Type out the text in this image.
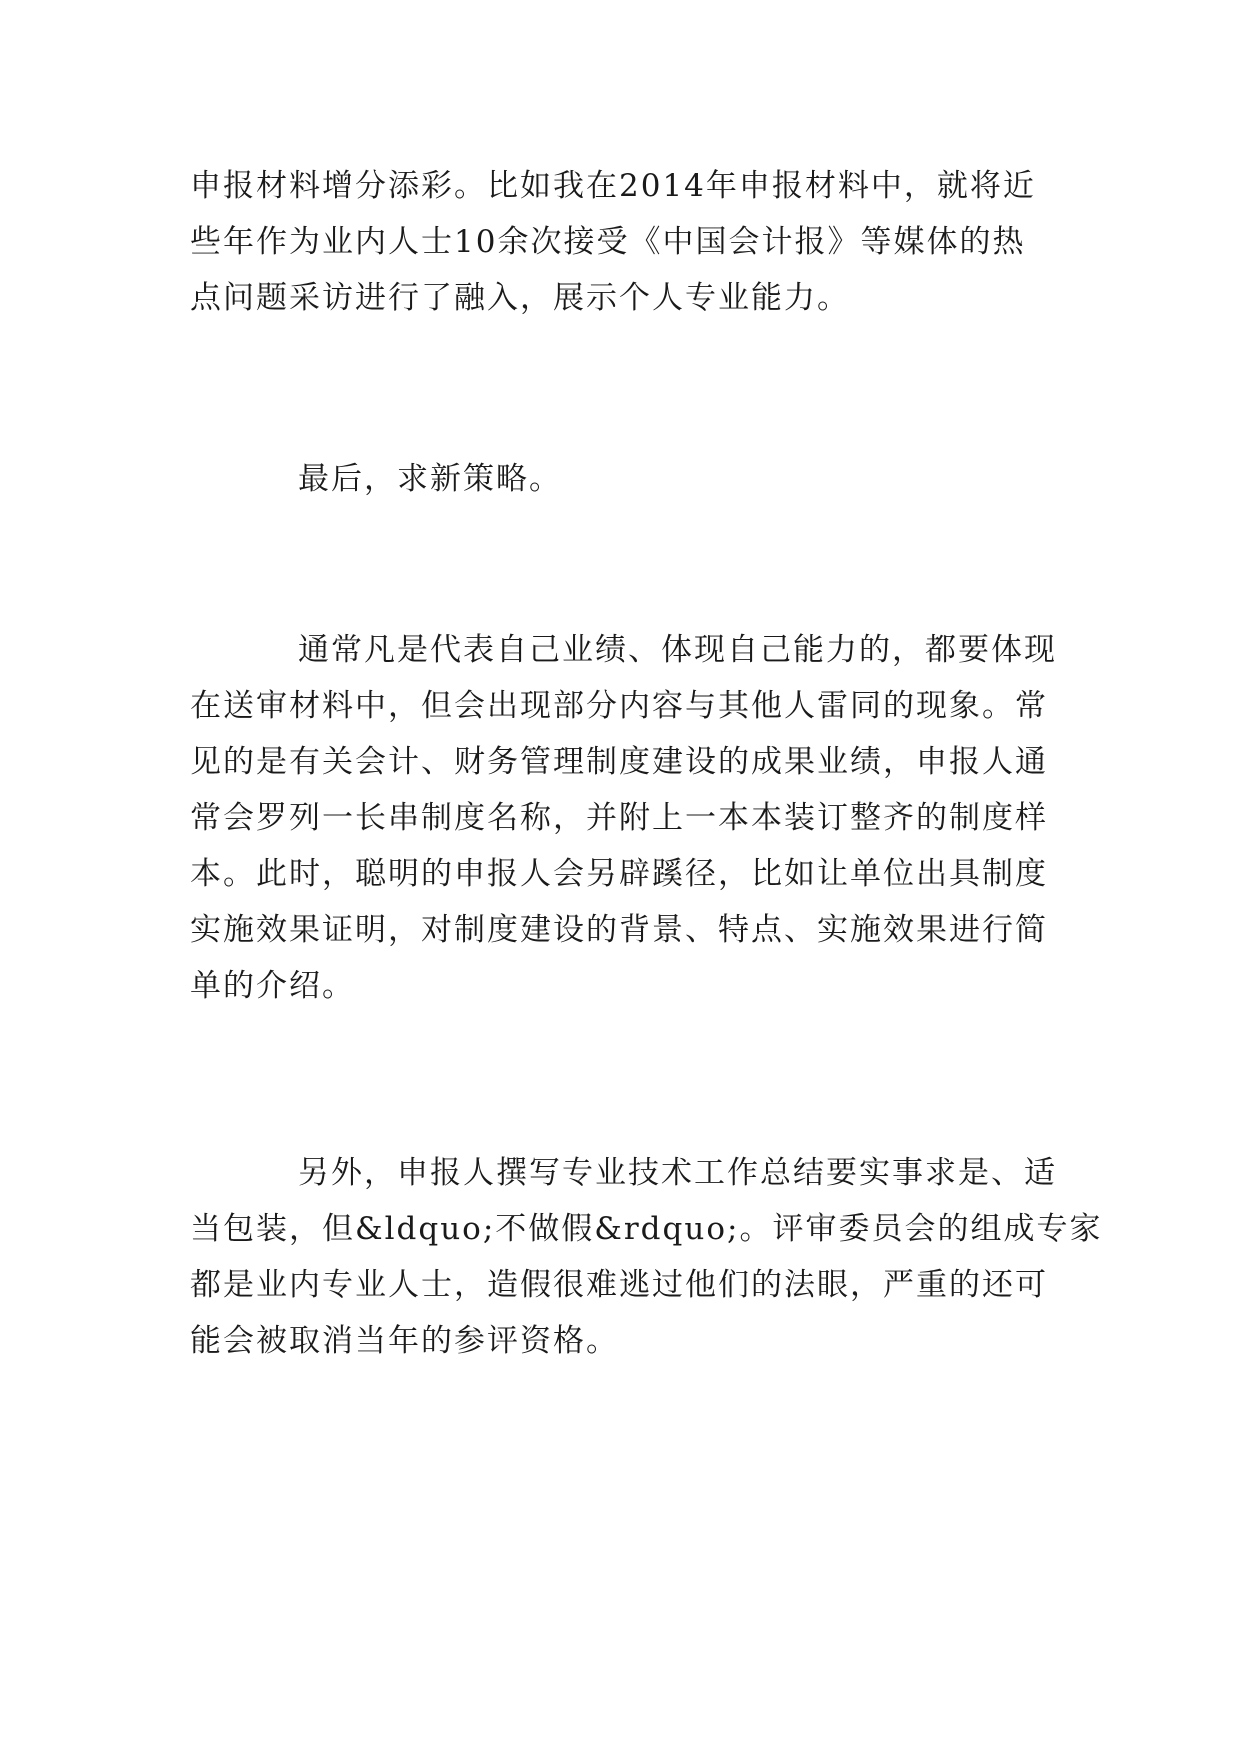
申报材料增分添彩。比如我在2014年申报材料中，就将近
些年作为业内人士10余次接受《中国会计报》等媒体的热
点问题采访进行了融入，展示个人专业能力。
最后，求新策略。
通常凡是代表自己业绩、体现自己能力的，都要体现
在送审材料中，但会出现部分内容与其他人雷同的现象。常
见的是有关会计、财务管理制度建设的成果业绩，申报人通
常会罗列一长串制度名称，并附上一本本装订整齐的制度样
本。此时，聪明的申报人会另辟蹊径，比如让单位出具制度
实施效果证明，对制度建设的背景、特点、实施效果进行简
单的介绍。
另外，申报人撰写专业技术工作总结要实事求是、适
当包装，但&ldquo;不做假&rdquo;。评审委员会的组成专家
都是业内专业人士，造假很难逃过他们的法眼，严重的还可
能会被取消当年的参评资格。
